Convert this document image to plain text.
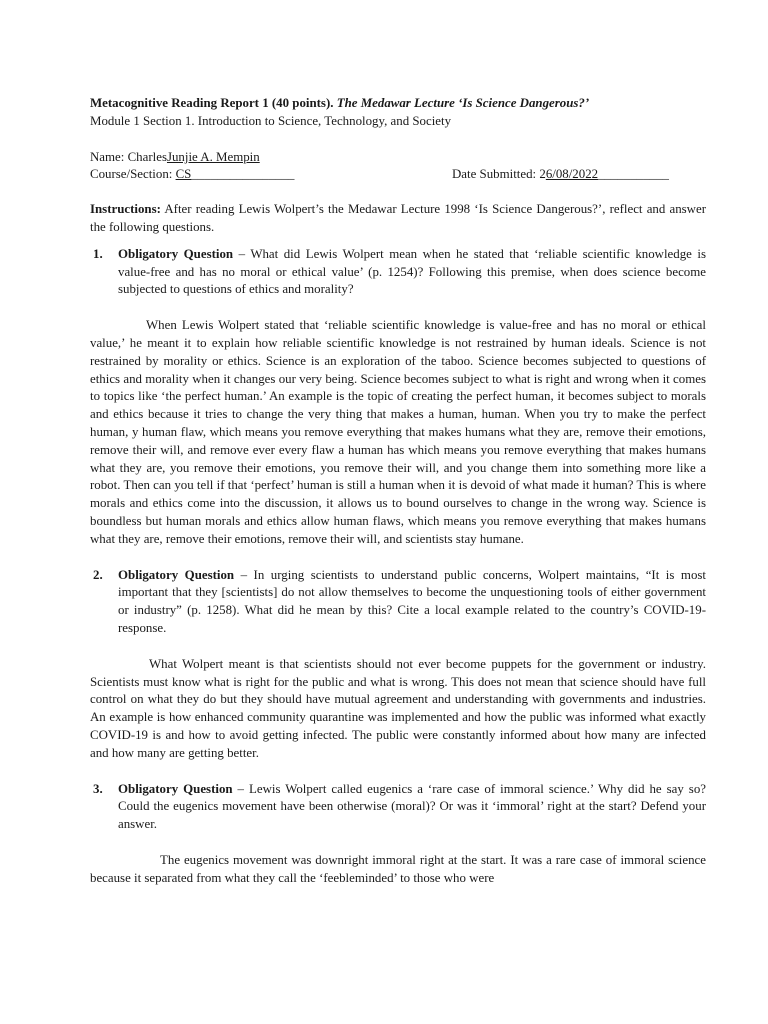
Metacognitive Reading Report 1 (40 points). The Medawar Lecture ‘Is Science Dangerous?’
Module 1 Section 1. Introduction to Science, Technology, and Society
Name: CharlesJunjie A. Mempin
Course/Section: CS________________	Date Submitted: 26/08/2022___________
Instructions: After reading Lewis Wolpert’s the Medawar Lecture 1998 ‘Is Science Dangerous?’, reflect and answer the following questions.
1. Obligatory Question – What did Lewis Wolpert mean when he stated that ‘reliable scientific knowledge is value-free and has no moral or ethical value’ (p. 1254)? Following this premise, when does science become subjected to questions of ethics and morality?
When Lewis Wolpert stated that ‘reliable scientific knowledge is value-free and has no moral or ethical value,’ he meant it to explain how reliable scientific knowledge is not restrained by human ideals. Science is not restrained by morality or ethics. Science is an exploration of the taboo. Science becomes subjected to questions of ethics and morality when it changes our very being. Science becomes subject to what is right and wrong when it comes to topics like ‘the perfect human.’ An example is the topic of creating the perfect human, it becomes subject to morals and ethics because it tries to change the very thing that makes a human, human. When you try to make the perfect human, y human flaw, which means you remove everything that makes humans what they are, remove their emotions, remove their will, and remove ever every flaw a human has which means you remove everything that makes humans what they are, you remove their emotions, you remove their will, and you change them into something more like a robot. Then can you tell if that ‘perfect’ human is still a human when it is devoid of what made it human? This is where morals and ethics come into the discussion, it allows us to bound ourselves to change in the wrong way. Science is boundless but human morals and ethics allow human flaws, which means you remove everything that makes humans what they are, remove their emotions, remove their will, and scientists stay humane.
2. Obligatory Question – In urging scientists to understand public concerns, Wolpert maintains, “It is most important that they [scientists] do not allow themselves to become the unquestioning tools of either government or industry” (p. 1258). What did he mean by this? Cite a local example related to the country’s COVID-19-response.
What Wolpert meant is that scientists should not ever become puppets for the government or industry. Scientists must know what is right for the public and what is wrong. This does not mean that science should have full control on what they do but they should have mutual agreement and understanding with governments and industries. An example is how enhanced community quarantine was implemented and how the public was informed what exactly COVID-19 is and how to avoid getting infected. The public were constantly informed about how many are infected and how many are getting better.
3. Obligatory Question – Lewis Wolpert called eugenics a ‘rare case of immoral science.’ Why did he say so? Could the eugenics movement have been otherwise (moral)? Or was it ‘immoral’ right at the start? Defend your answer.
The eugenics movement was downright immoral right at the start. It was a rare case of immoral science because it separated from what they call the ‘feebleminded’ to those who were
